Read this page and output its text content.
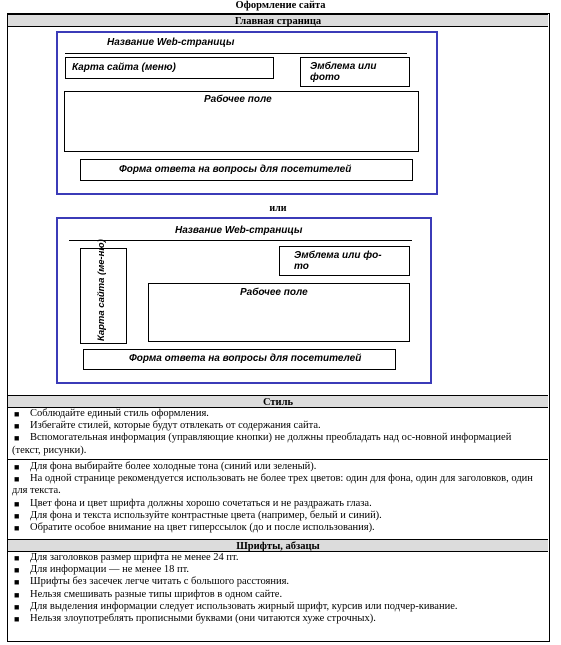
Оформление сайта
Главная страница
Название Web-страницы
Карта сайта (меню)	Эмблема или
фото
Рабочее поле
Форма ответа на вопросы для посетителей
или
Название Web-страницы
Карта сайта (ме-ню)	Эмблема или фо-
то
Рабочее поле
Форма ответа на вопросы для посетителей
Стиль
■ Соблюдайте единый стиль оформления.
■ Избегайте стилей, которые будут отвлекать от содержания сайта.
■ Вспомогательная информация (управляющие кнопки) не должны преобладать над ос-новной информацией (текст, рисунки).
■ Для фона выбирайте более холодные тона (синий или зеленый).
■ На одной странице рекомендуется использовать не более трех цветов: один для фона, один для заголовков, один для текста.
■ Цвет фона и цвет шрифта должны хорошо сочетаться и не раздражать глаза.
■ Для фона и текста используйте контрастные цвета (например, белый и синий).
■ Обратите особое внимание на цвет гиперссылок (до и после использования).
Шрифты, абзацы
■ Для заголовков размер шрифта не менее 24 пт.
■ Для информации — не менее 18 пт.
■ Шрифты без засечек легче читать с большого расстояния.
■ Нельзя смешивать разные типы шрифтов в одном сайте.
■ Для выделения информации следует использовать жирный шрифт, курсив или подчер-кивание.
■ Нельзя злоупотреблять прописными буквами (они читаются хуже строчных).
